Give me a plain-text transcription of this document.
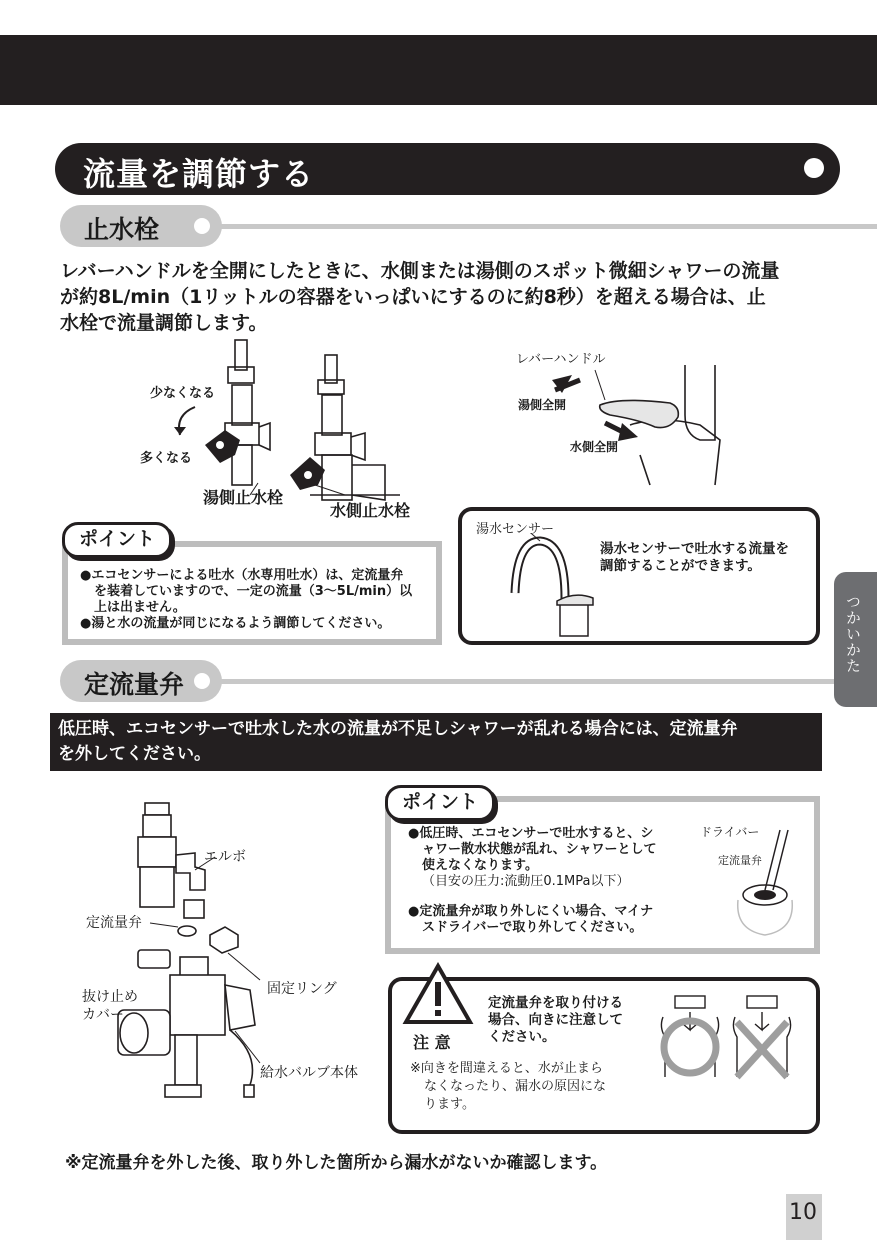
流量を調節する
止水栓
レバーハンドルを全開にしたときに、水側または湯側のスポット微細シャワーの流量
が約8L/min（1リットルの容器をいっぱいにするのに約8秒）を超える場合は、止
水栓で流量調節します。
少なくなる
多くなる
湯側止水栓
水側止水栓
レバーハンドル
湯側全開
水側全開
ポイント
●エコセンサーによる吐水（水専用吐水）は、定流量弁
を装着していますので、一定の流量（3〜5L/min）以
上は出ません。
●湯と水の流量が同じになるよう調節してください。
湯水センサー
湯水センサーで吐水する流量を
調節することができます。
定流量弁
低圧時、エコセンサーで吐水した水の流量が不足しシャワーが乱れる場合には、定流量弁
を外してください。
エルボ
定流量弁
抜け止め
カバー
固定リング
給水バルブ本体
ポイント
●低圧時、エコセンサーで吐水すると、シ
ャワー散水状態が乱れ、シャワーとして
使えなくなります。
（目安の圧力:流動圧0.1MPa以下）
●定流量弁が取り外しにくい場合、マイナ
スドライバーで取り外してください。
ドライバー
定流量弁
注 意
定流量弁を取り付ける
場合、向きに注意して
ください。
※向きを間違えると、水が止まら
なくなったり、漏水の原因にな
ります。
※定流量弁を外した後、取り外した箇所から漏水がないか確認します。
つかいかた
10
